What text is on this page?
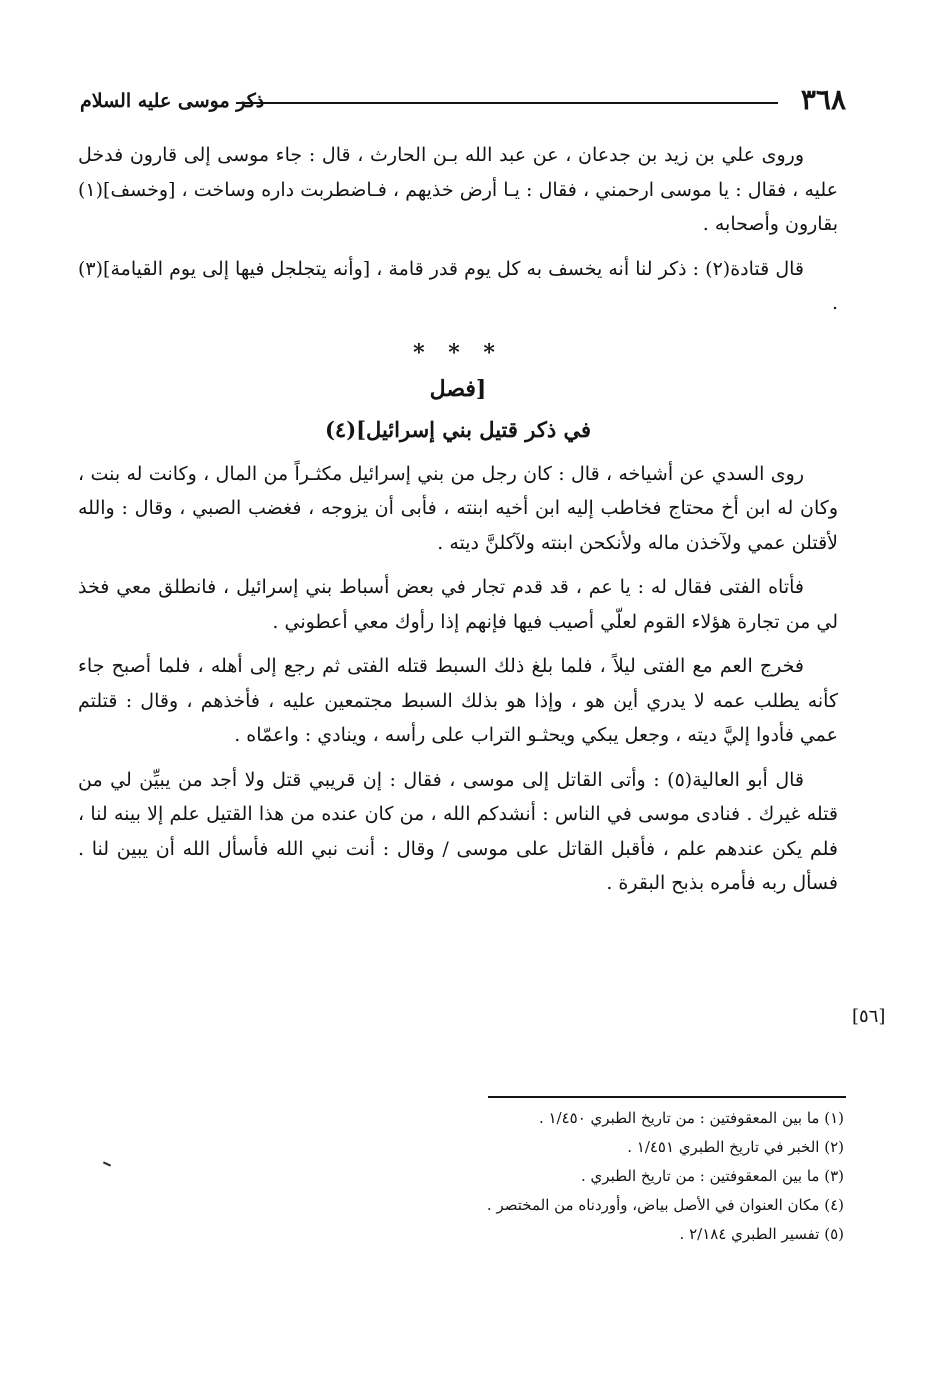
٣٦٨
ذكر موسى عليه السلام

وروى علي بن زيد بن جدعان ، عن عبد الله بـن الحارث ، قال : جاء موسى إلى قارون فدخل عليه ، فقال : يا موسى ارحمني ، فقال : يـا أرض خذيهم ، فـاضطربت داره وساخت ، [وخسف](١) بقارون وأصحابه .

قال قتادة(٢) : ذكر لنا أنه يخسف به كل يوم قدر قامة ، [وأنه يتجلجل فيها إلى يوم القيامة](٣) .

* * *
[فصل
في ذكر قتيل بني إسرائيل](٤)

روى السدي عن أشياخه ، قال : كان رجل من بني إسرائيل مكثـراً من المال ، وكانت له بنت ، وكان له ابن أخ محتاج فخاطب إليه ابن أخيه ابنته ، فأبى أن يزوجه ، فغضب الصبي ، وقال : والله لأقتلن عمي ولآخذن ماله ولأنكحن ابنته ولآكلنَّ ديته .

فأتاه الفتى فقال له : يا عم ، قد قدم تجار في بعض أسباط بني إسرائيل ، فانطلق معي فخذ لي من تجارة هؤلاء القوم لعلّي أصيب فيها فإنهم إذا رأوك معي أعطوني .

فخرج العم مع الفتى ليلاً ، فلما بلغ ذلك السبط قتله الفتى ثم رجع إلى أهله ، فلما أصبح جاء كأنه يطلب عمه لا يدري أين هو ، وإذا هو بذلك السبط مجتمعين عليه ، فأخذهم ، وقال : قتلتم عمي فأدوا إليَّ ديته ، وجعل يبكي ويحثـو التراب على رأسه ، وينادي : واعمّاه .

قال أبو العالية(٥) : وأتى القاتل إلى موسى ، فقال : إن قريبي قتل ولا أجد من يبيِّن لي من قتله غيرك . فنادى موسى في الناس : أنشدكم الله ، من كان عنده من هذا القتيل علم إلا بينه لنا ، فلم يكن عندهم علم ، فأقبل القاتل على موسى / وقال : أنت نبي الله فأسأل الله أن يبين لنا . فسأل ربه فأمره بذبح البقرة .

[٥٦]
(١) ما بين المعقوفتين : من تاريخ الطبري ١/٤٥٠ .
(٢) الخبر في تاريخ الطبري ١/٤٥١ .
(٣) ما بين المعقوفتين : من تاريخ الطبري .
(٤) مكان العنوان في الأصل بياض، وأوردناه من المختصر .
(٥) تفسير الطبري ٢/١٨٤ .
